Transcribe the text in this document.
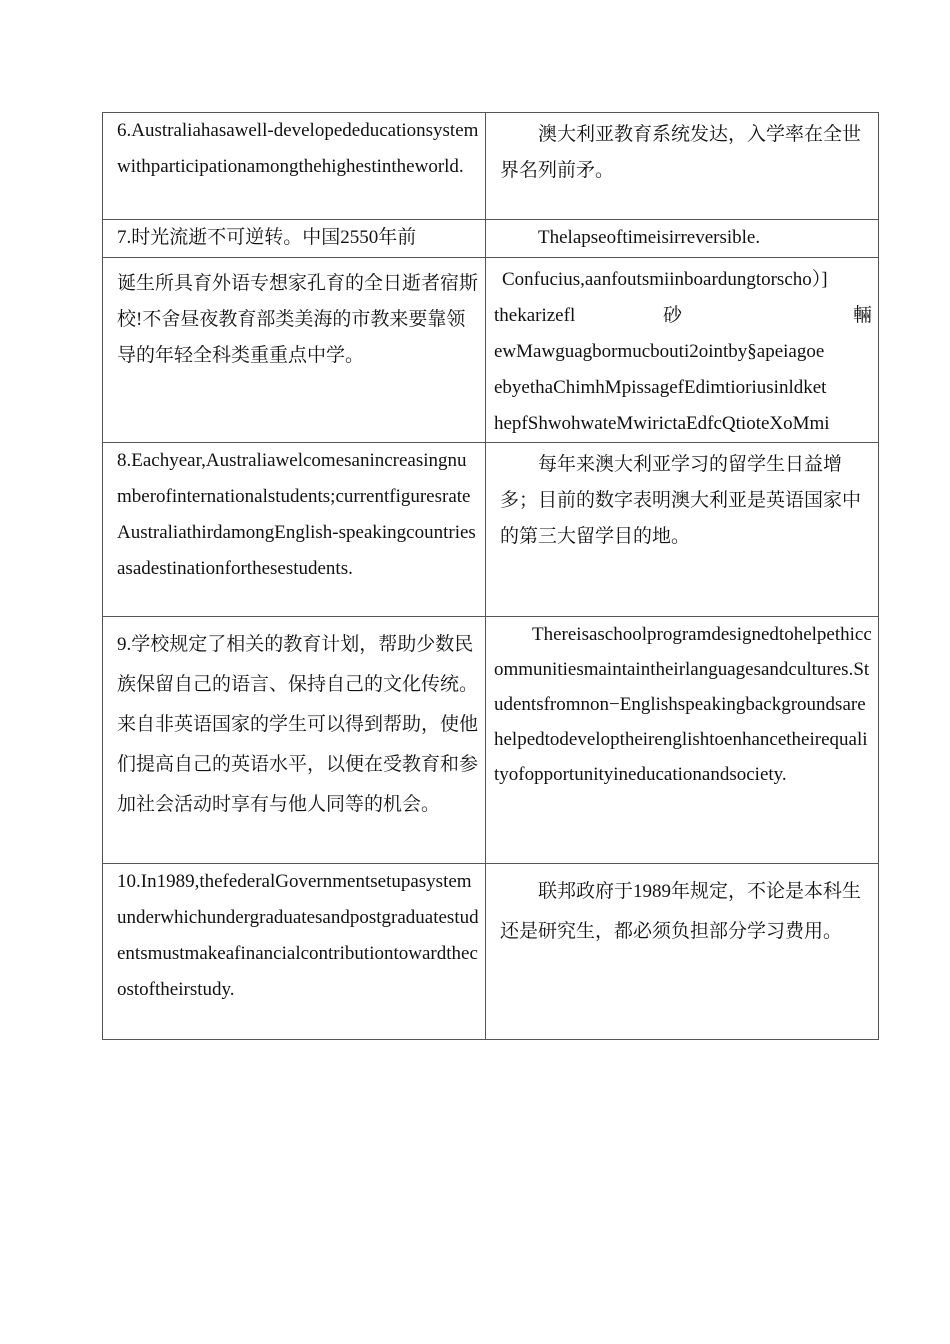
6.Australiahasawell-developededucationsystemwithparticipationamongthehighestintheworld.	澳大利亚教育系统发达，入学率在全世界名列前矛。

7.时光流逝不可逆转。中国2550年前	Thelapseoftimeisirreversible.

诞生所具育外语专想家孔育的全日逝者宿斯校!不舍昼夜教育部类美海的市教来要靠领导的年轻全科类重重点中学。	Confucius,aanfoutsmiinboardungtorscho）]
thekarizefl 砂 輛
ewMawguagbormucbouti2ointby§apeiagoe
ebyethaChimhMpissagefEdimtioriusinldket
hepfShwohwateMwirictaEdfcQtioteXoMmi

8.Eachyear,Australiawelcomesanincreasingnumberofinternationalstudents;currentfiguresrateAustraliathirdamongEnglish-speakingcountriesasadestinationforthesestudents.	每年来澳大利亚学习的留学生日益增多；目前的数字表明澳大利亚是英语国家中的第三大留学目的地。

9.学校规定了相关的教育计划，帮助少数民族保留自己的语言、保持自己的文化传统。来自非英语国家的学生可以得到帮助，使他们提高自己的英语水平，以便在受教育和参加社会活动时享有与他人同等的机会。	Thereisaschoolprogramdesignedtohelpethiccommunitiesmaintaintheirlanguagesandcultures.Studentsfromnon−Englishspeakingbackgroundsarehelpedtodeveloptheirenglishtoenhancetheirequalityofopportunityineducationandsociety.

10.In1989,thefederalGovernmentsetupasystemunderwhichundergraduatesandpostgraduatestudentsmustmakeafinancialcontributiontowardthecostoftheirstudy.	联邦政府于1989年规定，不论是本科生还是研究生，都必须负担部分学习费用。
